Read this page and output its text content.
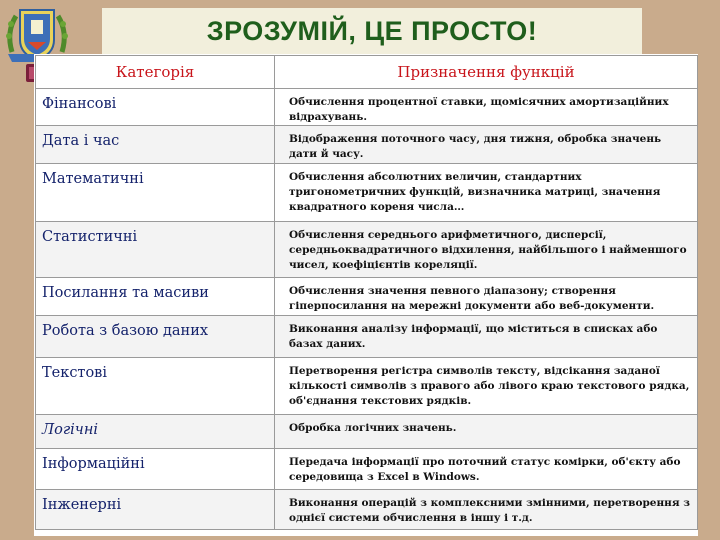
ЗРОЗУМІЙ, ЦЕ ПРОСТО!
Категорія	Призначення функцій
Фінансові	Обчислення процентної ставки, щомісячних амортизаційних відрахувань.
Дата і час	Відображення поточного часу, дня тижня, обробка значень дати й часу.
Математичні	Обчислення абсолютних величин, стандартних тригонометричних функцій, визначника матриці, значення квадратного кореня числа…
Статистичні	Обчислення середнього арифметичного, дисперсії, середньоквадратичного відхилення, найбільшого і найменшого чисел, коефіцієнтів кореляції.
Посилання та масиви	Обчислення значення певного діапазону; створення гіперпосилання на мережні документи або веб-документи.
Робота з базою даних	Виконання аналізу інформації, що міститься в списках або базах даних.
Текстові	Перетворення регістра символів тексту, відсікання заданої кількості символів з правого або лівого краю текстового рядка, об'єднання текстових рядків.
Логічні	Обробка логічних значень.
Інформаційні	Передача інформації про поточний статус комірки, об'єкту або середовища з Excel в Windows.
Інженерні	Виконання операцій з комплексними змінними, перетворення з однієї системи обчислення в іншу і т.д.
